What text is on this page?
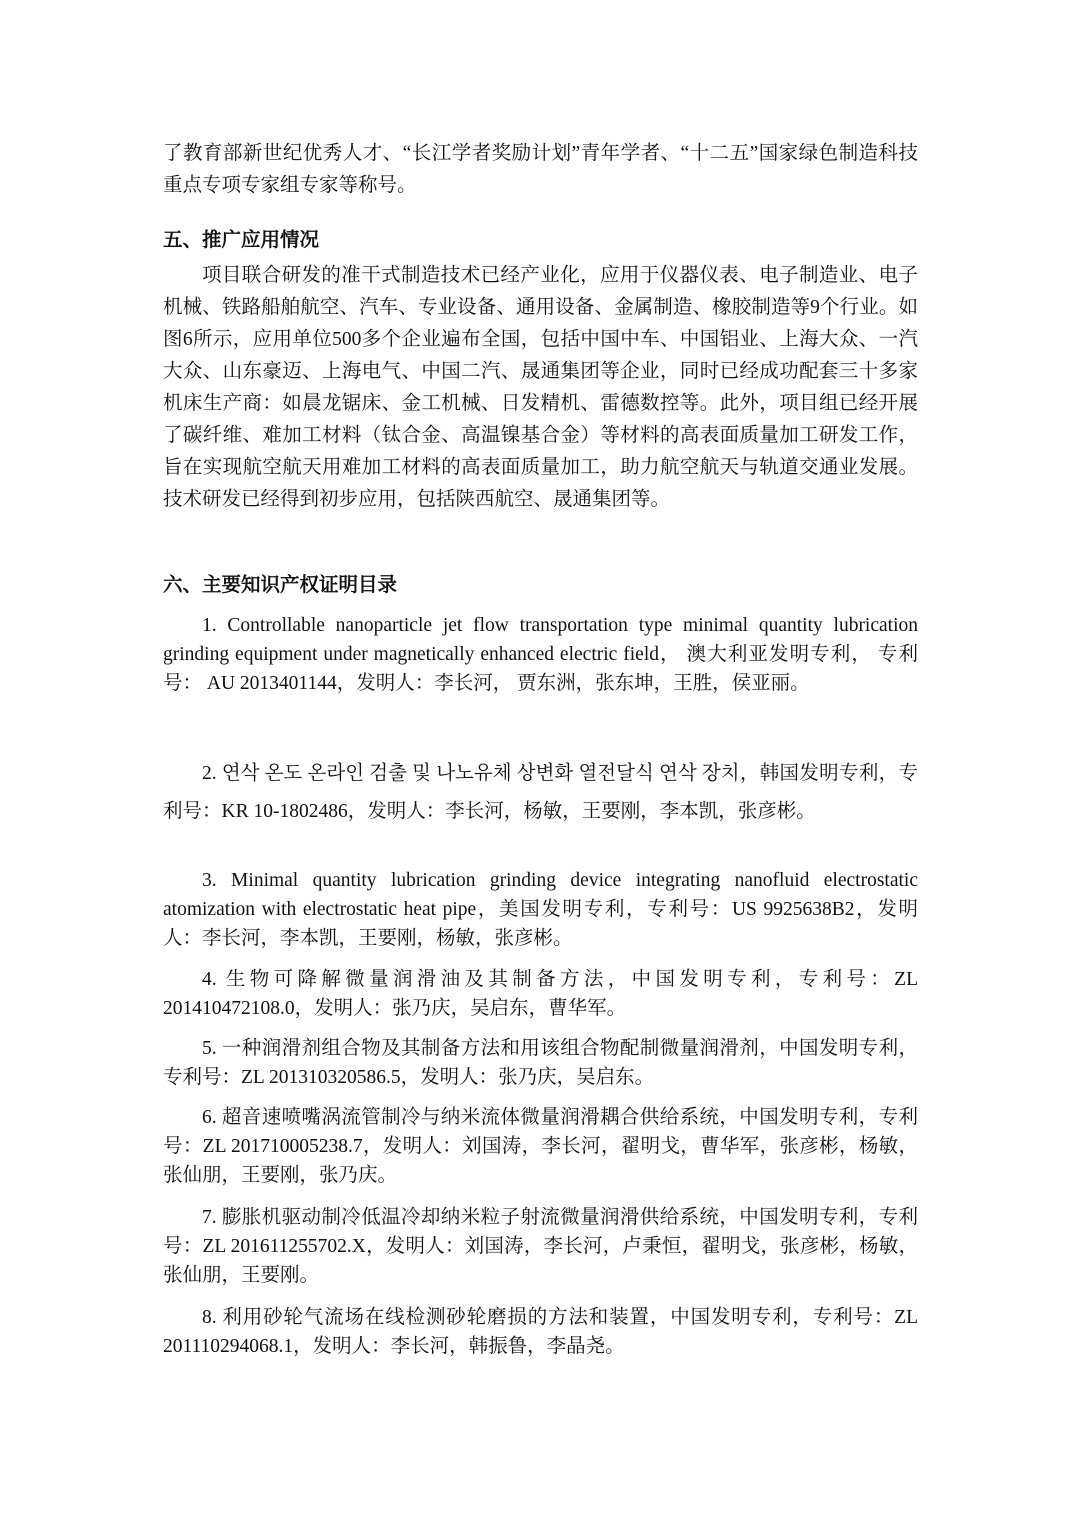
了教育部新世纪优秀人才、“长江学者奖励计划”青年学者、“十二五”国家绿色制造科技重点专项专家组专家等称号。

五、推广应用情况

项目联合研发的准干式制造技术已经产业化，应用于仪器仪表、电子制造业、电子机械、铁路船舶航空、汽车、专业设备、通用设备、金属制造、橡胶制造等9个行业。如图6所示，应用单位500多个企业遍布全国，包括中国中车、中国铝业、上海大众、一汽大众、山东豪迈、上海电气、中国二汽、晟通集团等企业，同时已经成功配套三十多家机床生产商：如晨龙锯床、金工机械、日发精机、雷德数控等。此外，项目组已经开展了碳纤维、难加工材料（钛合金、高温镍基合金）等材料的高表面质量加工研发工作，旨在实现航空航天用难加工材料的高表面质量加工，助力航空航天与轨道交通业发展。技术研发已经得到初步应用，包括陕西航空、晟通集团等。

六、主要知识产权证明目录

1. Controllable nanoparticle jet flow transportation type minimal quantity lubrication grinding equipment under magnetically enhanced electric field， 澳大利亚发明专利， 专利号： AU 2013401144，发明人：李长河， 贾东洲，张东坤，王胜，侯亚丽。

2. 연삭 온도 온라인 검출 및 나노유체 상변화 열전달식 연삭 장치，韩国发明专利，专利号：KR 10-1802486，发明人：李长河，杨敏，王要刚，李本凯，张彦彬。

3. Minimal quantity lubrication grinding device integrating nanofluid electrostatic atomization with electrostatic heat pipe，美国发明专利，专利号：US 9925638B2，发明人：李长河，李本凯，王要刚，杨敏，张彦彬。

4. 生物可降解微量润滑油及其制备方法，中国发明专利，专利号：ZL 201410472108.0，发明人：张乃庆，吴启东，曹华军。

5. 一种润滑剂组合物及其制备方法和用该组合物配制微量润滑剂，中国发明专利，专利号：ZL 201310320586.5，发明人：张乃庆，吴启东。

6. 超音速喷嘴涡流管制冷与纳米流体微量润滑耦合供给系统，中国发明专利，专利号：ZL 201710005238.7，发明人：刘国涛，李长河，翟明戈，曹华军，张彦彬，杨敏，张仙朋，王要刚，张乃庆。

7. 膨胀机驱动制冷低温冷却纳米粒子射流微量润滑供给系统，中国发明专利，专利号：ZL 201611255702.X，发明人：刘国涛，李长河，卢秉恒，翟明戈，张彦彬，杨敏，张仙朋，王要刚。

8. 利用砂轮气流场在线检测砂轮磨损的方法和装置，中国发明专利，专利号：ZL 201110294068.1，发明人：李长河，韩振鲁，李晶尧。
